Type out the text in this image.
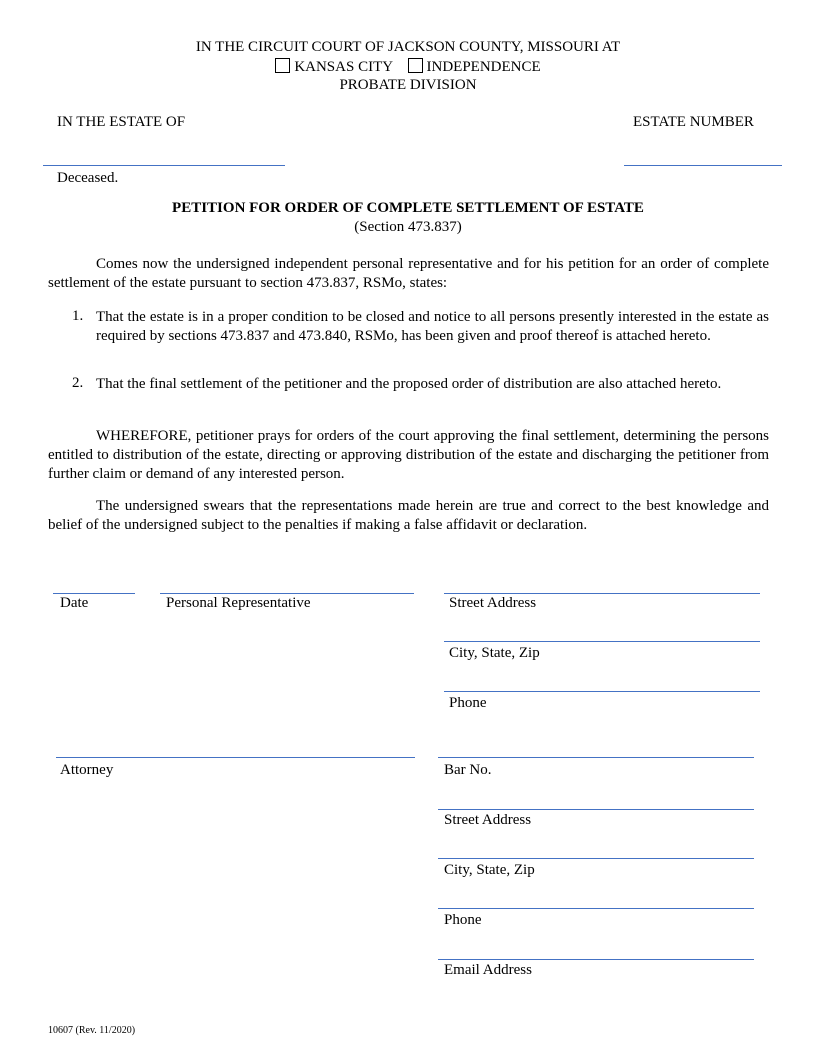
IN THE CIRCUIT COURT OF JACKSON COUNTY, MISSOURI AT
KANSAS CITY INDEPENDENCE
PROBATE DIVISION
IN THE ESTATE OF	ESTATE NUMBER
Deceased.
PETITION FOR ORDER OF COMPLETE SETTLEMENT OF ESTATE
(Section 473.837)
Comes now the undersigned independent personal representative and for his petition for an order of complete settlement of the estate pursuant to section 473.837, RSMo, states:
1. That the estate is in a proper condition to be closed and notice to all persons presently interested in the estate as required by sections 473.837 and 473.840, RSMo, has been given and proof thereof is attached hereto.
2. That the final settlement of the petitioner and the proposed order of distribution are also attached hereto.
WHEREFORE, petitioner prays for orders of the court approving the final settlement, determining the persons entitled to distribution of the estate, directing or approving distribution of the estate and discharging the petitioner from further claim or demand of any interested person.
The undersigned swears that the representations made herein are true and correct to the best knowledge and belief of the undersigned subject to the penalties if making a false affidavit or declaration.
Date	Personal Representative	Street Address
City, State, Zip
Phone
Attorney	Bar No.
Street Address
City, State, Zip
Phone
Email Address
10607 (Rev. 11/2020)
